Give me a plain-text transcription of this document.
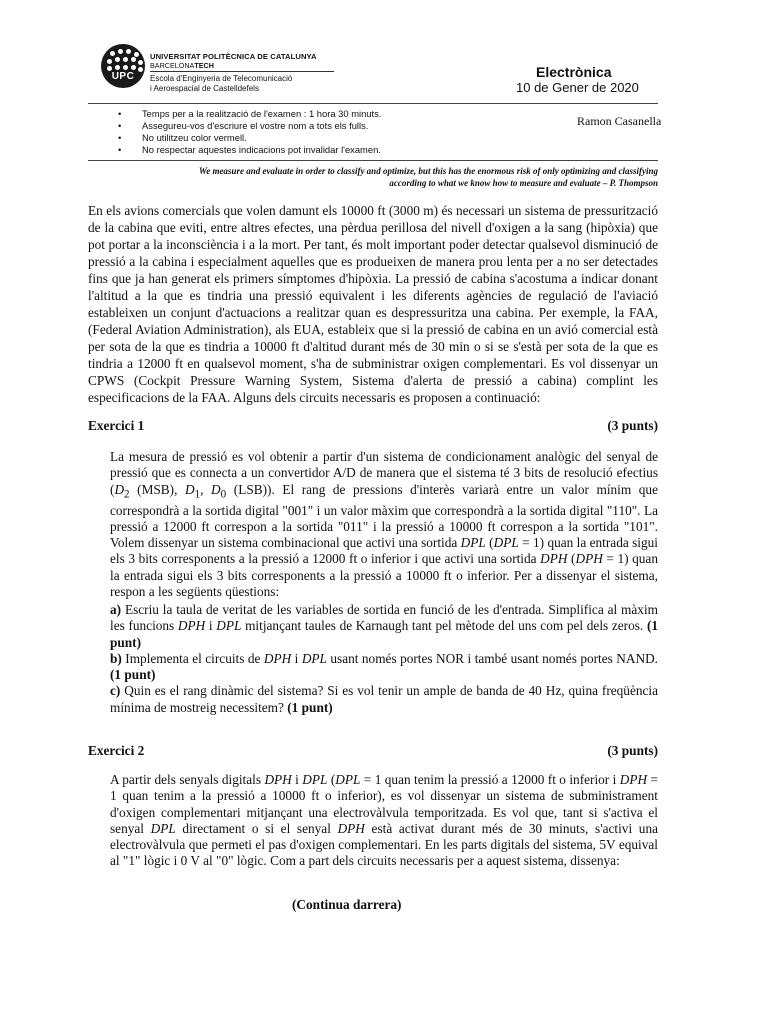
UPC
UNIVERSITAT POLITÈCNICA DE CATALUNYA
BARCELONATECH
Escola d'Enginyeria de Telecomunicació
i Aeroespacial de Castelldefels
Electrònica
10 de Gener de 2020
• Temps per a la realització de l'examen : 1 hora 30 minuts.
• Assegureu-vos d'escriure el vostre nom a tots els fulls.
• No utilitzeu color vermell.
• No respectar aquestes indicacions pot invalidar l'examen.
Ramon Casanella
We measure and evaluate in order to classify and optimize, but this has the enormous risk of only optimizing and classifying
according to what we know how to measure and evaluate – P. Thompson
En els avions comercials que volen damunt els 10000 ft (3000 m) és necessari un sistema de pressurització de la cabina que eviti, entre altres efectes, una pèrdua perillosa del nivell d'oxigen a la sang (hipòxia) que pot portar a la inconsciència i a la mort. Per tant, és molt important poder detectar qualsevol disminució de pressió a la cabina i especialment aquelles que es produeixen de manera prou lenta per a no ser detectades fins que ja han generat els primers símptomes d'hipòxia. La pressió de cabina s'acostuma a indicar donant l'altitud a la que es tindria una pressió equivalent i les diferents agències de regulació de l'aviació estableixen un conjunt d'actuacions a realitzar quan es despressuritza una cabina. Per exemple, la FAA, (Federal Aviation Administration), als EUA, estableix que si la pressió de cabina en un avió comercial està per sota de la que es tindria a 10000 ft d'altitud durant més de 30 min o si se s'està per sota de la que es tindria a 12000 ft en qualsevol moment, s'ha de subministrar oxigen complementari. Es vol dissenyar un CPWS (Cockpit Pressure Warning System, Sistema d'alerta de pressió a cabina) complint les especificacions de la FAA. Alguns dels circuits necessaris es proposen a continuació:
Exercici 1	(3 punts)
La mesura de pressió es vol obtenir a partir d'un sistema de condicionament analògic del senyal de pressió que es connecta a un convertidor A/D de manera que el sistema té 3 bits de resolució efectius ($D_2$ (MSB), $D_1$, $D_0$ (LSB)). El rang de pressions d'interès variarà entre un valor mínim que correspondrà a la sortida digital "001" i un valor màxim que correspondrà a la sortida digital "110". La pressió a 12000 ft correspon a la sortida "011" i la pressió a 10000 ft correspon a la sortida "101". Volem dissenyar un sistema combinacional que activi una sortida DPL (DPL = 1) quan la entrada sigui els 3 bits corresponents a la pressió a 12000 ft o inferior i que activi una sortida DPH (DPH = 1) quan la entrada sigui els 3 bits corresponents a la pressió a 10000 ft o inferior. Per a dissenyar el sistema, respon a les següents qüestions:
a) Escriu la taula de veritat de les variables de sortida en funció de les d'entrada. Simplifica al màxim les funcions DPH i DPL mitjançant taules de Karnaugh tant pel mètode del uns com pel dels zeros. (1 punt)
b) Implementa el circuits de DPH i DPL usant només portes NOR i també usant només portes NAND. (1 punt)
c) Quin es el rang dinàmic del sistema? Si es vol tenir un ample de banda de 40 Hz, quina freqüència mínima de mostreig necessitem? (1 punt)
Exercici 2	(3 punts)
A partir dels senyals digitals DPH i DPL (DPL = 1 quan tenim la pressió a 12000 ft o inferior i DPH = 1 quan tenim a la pressió a 10000 ft o inferior), es vol dissenyar un sistema de subministrament d'oxigen complementari mitjançant una electrovàlvula temporitzada. Es vol que, tant si s'activa el senyal DPL directament o si el senyal DPH està activat durant més de 30 minuts, s'activi una electrovàlvula que permeti el pas d'oxigen complementari. En les parts digitals del sistema, 5V equival al "1" lògic i 0 V al "0" lògic. Com a part dels circuits necessaris per a aquest sistema, dissenya:
(Continua darrera)
